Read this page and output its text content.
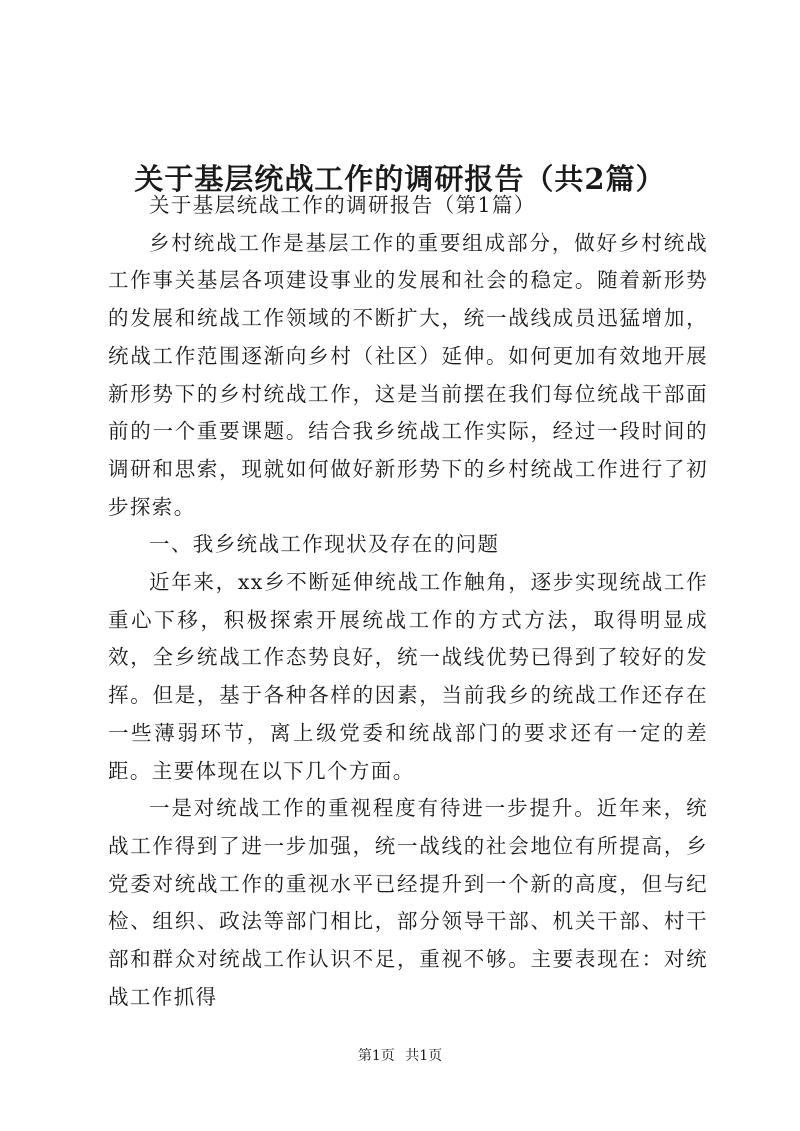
关于基层统战工作的调研报告（共2篇）

关于基层统战工作的调研报告（第1篇）

乡村统战工作是基层工作的重要组成部分，做好乡村统战工作事关基层各项建设事业的发展和社会的稳定。随着新形势的发展和统战工作领域的不断扩大，统一战线成员迅猛增加，统战工作范围逐渐向乡村（社区）延伸。如何更加有效地开展新形势下的乡村统战工作，这是当前摆在我们每位统战干部面前的一个重要课题。结合我乡统战工作实际，经过一段时间的调研和思索，现就如何做好新形势下的乡村统战工作进行了初步探索。

一、我乡统战工作现状及存在的问题

近年来，xx乡不断延伸统战工作触角，逐步实现统战工作重心下移，积极探索开展统战工作的方式方法，取得明显成效，全乡统战工作态势良好，统一战线优势已得到了较好的发挥。但是，基于各种各样的因素，当前我乡的统战工作还存在一些薄弱环节，离上级党委和统战部门的要求还有一定的差距。主要体现在以下几个方面。

一是对统战工作的重视程度有待进一步提升。近年来，统战工作得到了进一步加强，统一战线的社会地位有所提高，乡党委对统战工作的重视水平已经提升到一个新的高度，但与纪检、组织、政法等部门相比，部分领导干部、机关干部、村干部和群众对统战工作认识不足，重视不够。主要表现在：对统战工作抓得

第1页 共1页
